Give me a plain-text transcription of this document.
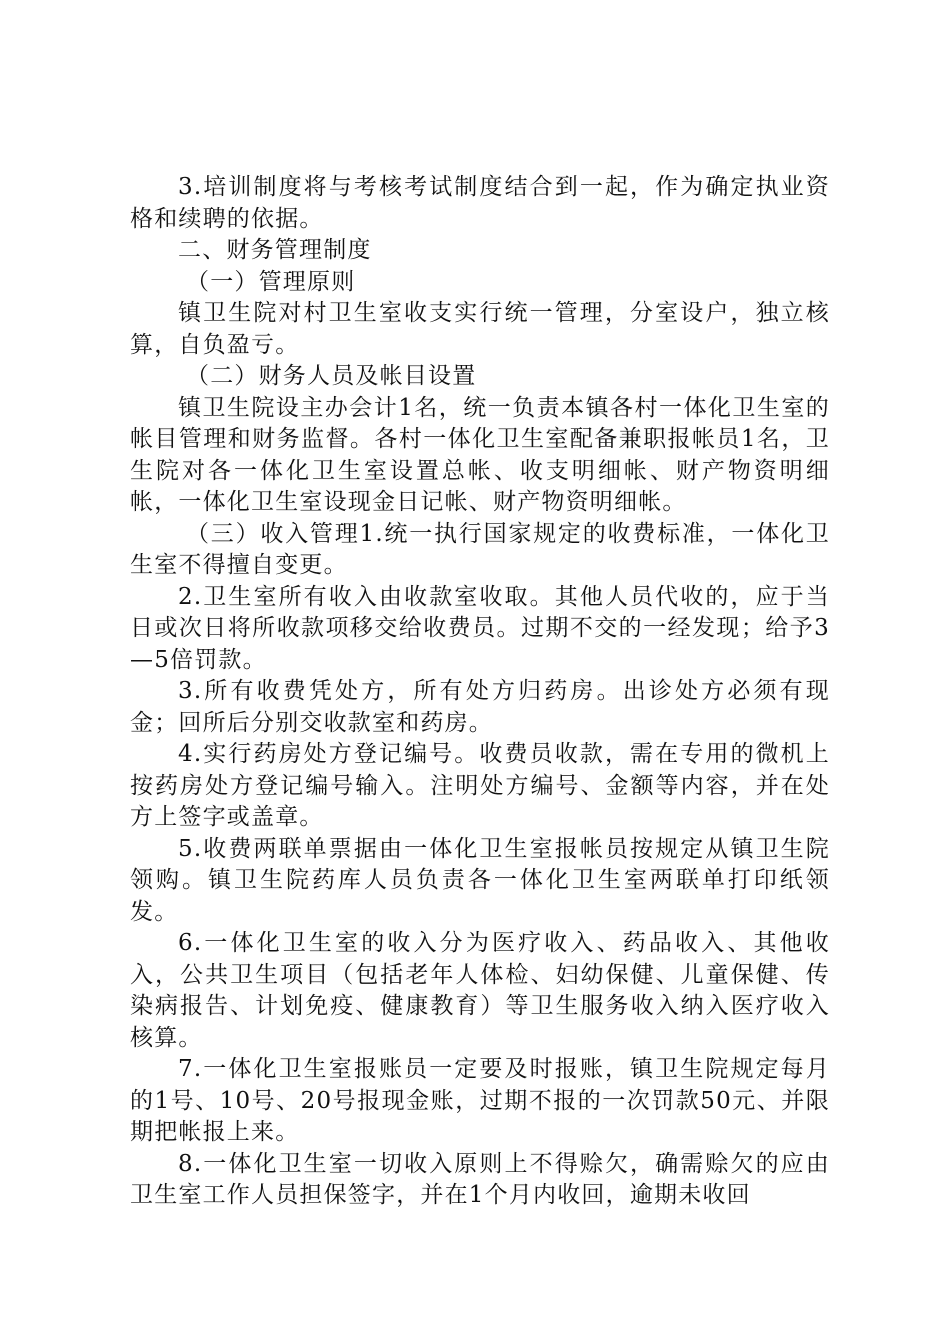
3.培训制度将与考核考试制度结合到一起，作为确定执业资格和续聘的依据。

二、财务管理制度

（一）管理原则

镇卫生院对村卫生室收支实行统一管理，分室设户，独立核算，自负盈亏。

（二）财务人员及帐目设置

镇卫生院设主办会计1名，统一负责本镇各村一体化卫生室的帐目管理和财务监督。各村一体化卫生室配备兼职报帐员1名，卫生院对各一体化卫生室设置总帐、收支明细帐、财产物资明细帐，一体化卫生室设现金日记帐、财产物资明细帐。

（三）收入管理1.统一执行国家规定的收费标准，一体化卫生室不得擅自变更。

2.卫生室所有收入由收款室收取。其他人员代收的，应于当日或次日将所收款项移交给收费员。过期不交的一经发现；给予3—5倍罚款。

3.所有收费凭处方，所有处方归药房。出诊处方必须有现金；回所后分别交收款室和药房。

4.实行药房处方登记编号。收费员收款，需在专用的微机上按药房处方登记编号输入。注明处方编号、金额等内容，并在处方上签字或盖章。

5.收费两联单票据由一体化卫生室报帐员按规定从镇卫生院领购。镇卫生院药库人员负责各一体化卫生室两联单打印纸领发。

6.一体化卫生室的收入分为医疗收入、药品收入、其他收入，公共卫生项目（包括老年人体检、妇幼保健、儿童保健、传染病报告、计划免疫、健康教育）等卫生服务收入纳入医疗收入核算。

7.一体化卫生室报账员一定要及时报账，镇卫生院规定每月的1号、10号、20号报现金账，过期不报的一次罚款50元、并限期把帐报上来。

8.一体化卫生室一切收入原则上不得赊欠，确需赊欠的应由卫生室工作人员担保签字，并在1个月内收回，逾期未收回
